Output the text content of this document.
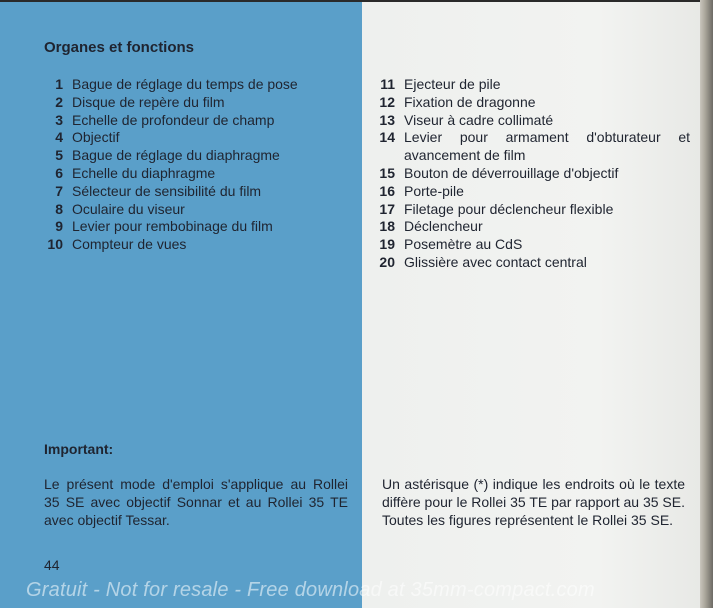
Organes et fonctions
1 Bague de réglage du temps de pose
2 Disque de repère du film
3 Echelle de profondeur de champ
4 Objectif
5 Bague de réglage du diaphragme
6 Echelle du diaphragme
7 Sélecteur de sensibilité du film
8 Oculaire du viseur
9 Levier pour rembobinage du film
10 Compteur de vues
11 Ejecteur de pile
12 Fixation de dragonne
13 Viseur à cadre collimaté
14 Levier pour armament d'obturateur et avancement de film
15 Bouton de déverrouillage d'objectif
16 Porte-pile
17 Filetage pour déclencheur flexible
18 Déclencheur
19 Posemètre au CdS
20 Glissière avec contact central
Important:

Le présent mode d'emploi s'applique au Rollei 35 SE avec objectif Sonnar et au Rollei 35 TE avec objectif Tessar.

Un astérisque (*) indique les endroits où le texte diffère pour le Rollei 35 TE par rapport au 35 SE. Toutes les figures représentent le Rollei 35 SE.

44
Gratuit - Not for resale - Free download at 35mm-compact.com
